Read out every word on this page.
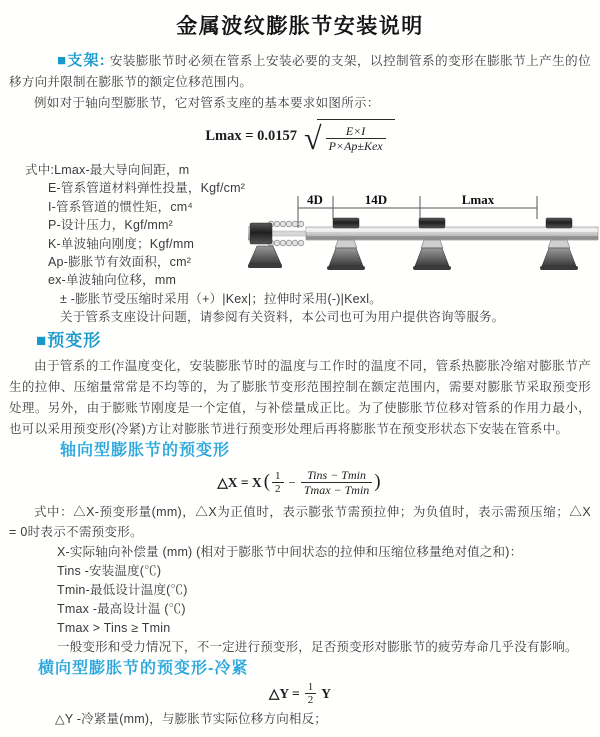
金属波纹膨胀节安装说明

■支架: 安装膨胀节时必须在管系上安装必要的支架，以控制管系的变形在膨胀节上产生的位移方向并限制在膨胀节的额定位移范围内。

例如对于轴向型膨胀节，它对管系支座的基本要求如图所示：

Lmax = 0.0157 √ $\frac{E\times I}{\text{P×Ap±Kex}}$
式中:Lmax-最大导向间距，m
E-管系管道材料弹性投量，Kgf/cm²
I-管系管道的惯性矩，cm⁴
P-设计压力，Kgf/mm²
K-单波轴向刚度；Kgf/mm
Ap-膨胀节有效面积，cm²
ex-单波轴向位移，mm
± -膨胀节受压缩时采用（+）|Kex|；拉伸时采用(-)|Kexl。
关于管系支座设计问题，请参阅有关资料，本公司也可为用户提供咨询等服务。
4D	14D	Lmax
■预变形

由于管系的工作温度变化，安装膨胀节时的温度与工作时的温度不同，管系热膨胀冷缩对膨胀节产生的拉伸、压缩量常常是不均等的，为了膨胀节变形范围控制在额定范围内，需要对膨胀节采取预变形处理。另外，由于膨账节刚度是一个定值，与补偿量成正比。为了使膨胀节位移对管系的作用力最小，也可以采用预变形(冷紧)方让对膨胀节进行预变形处理后再将膨胀节在预变形状态下安装在管系中。

轴向型膨胀节的预变形
△X = X ( $\frac{1}{2} - \frac{\text{Tins − Tmin}}{Tmax - Tmin}$ )

式中：△X-预变形量(mm)，△X为正值时，表示膨张节需预拉伸；为负值时，表示需预压缩；△X = 0时表示不需预变形。

X-实际轴向补偿量 (mm) (相对于膨胀节中间状态的拉伸和压缩位移量绝对值之和)：
Tins -安装温度(℃)
Tmin-最低设计温度(℃)
Tmax -最高设计温 (℃)
Tmax > Tins ≥ Tmin
一般变形和受力情况下，不一定进行预变形，足否预变形对膨胀节的疲劳寿命几乎没有影响。
横向型膨胀节的预变形-冷紧
△Y = $\frac{1}{2}$ Y
△Y -冷紧量(mm)，与膨胀节实际位移方向相反；
